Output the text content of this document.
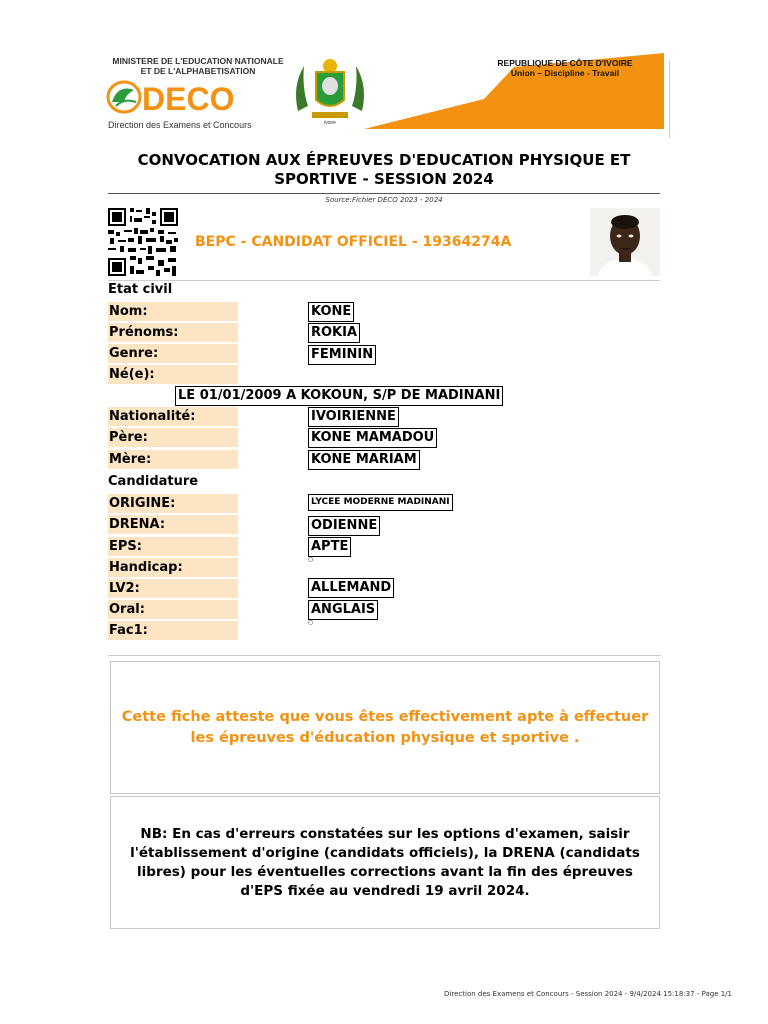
MINISTERE DE L'EDUCATION NATIONALE
ET DE L'ALPHABETISATION
DECO
Direction des Examens et Concours	ivoire
REPUBLIQUE DE CÔTE D'IVOIRE
Union – Discipline - Travail
CONVOCATION AUX ÉPREUVES D'EDUCATION PHYSIQUE ET SPORTIVE - SESSION 2024
Source:Fichier DECO 2023 - 2024
BEPC - CANDIDAT OFFICIEL - 19364274A
Etat civil
Nom:	KONE
Prénoms:	ROKIA
Genre:	FEMININ
Né(e):
LE 01/01/2009 A KOKOUN, S/P DE MADINANI
Nationalité:	IVOIRIENNE
Père:	KONE MAMADOU
Mère:	KONE MARIAM
Candidature
ORIGINE:	LYCEE MODERNE MADINANI
DRENA:	ODIENNE
EPS:	APTE
Handicap:
○
LV2:	ALLEMAND
Oral:	ANGLAIS
Fac1:
○
Cette fiche atteste que vous êtes effectivement apte à effectuer les épreuves d'éducation physique et sportive .
NB: En cas d'erreurs constatées sur les options d'examen, saisir l'établissement d'origine (candidats officiels), la DRENA (candidats libres) pour les éventuelles corrections avant la fin des épreuves d'EPS fixée au vendredi 19 avril 2024.
Direction des Examens et Concours - Session 2024 - 9/4/2024 15:18:37 - Page 1/1
